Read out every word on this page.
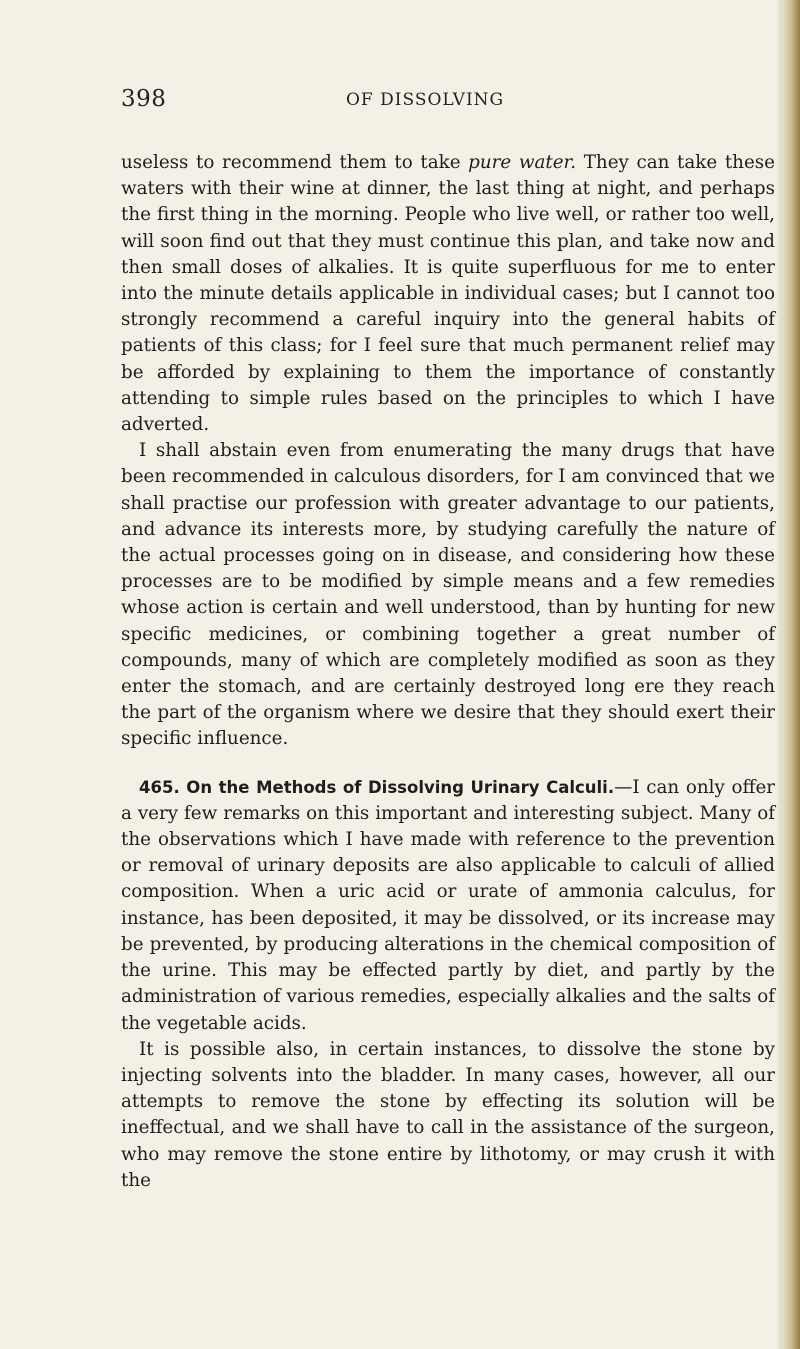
398	OF DISSOLVING

useless to recommend them to take pure water. They can take these waters with their wine at dinner, the last thing at night, and perhaps the first thing in the morning. People who live well, or rather too well, will soon find out that they must continue this plan, and take now and then small doses of alkalies. It is quite superfluous for me to enter into the minute details applicable in individual cases; but I cannot too strongly recommend a careful inquiry into the general habits of patients of this class; for I feel sure that much permanent relief may be afforded by explaining to them the importance of constantly attending to simple rules based on the principles to which I have adverted.

I shall abstain even from enumerating the many drugs that have been recommended in calculous disorders, for I am convinced that we shall practise our profession with greater advantage to our patients, and advance its interests more, by studying carefully the nature of the actual processes going on in disease, and considering how these processes are to be modified by simple means and a few remedies whose action is certain and well understood, than by hunting for new specific medicines, or combining together a great number of compounds, many of which are completely modified as soon as they enter the stomach, and are certainly destroyed long ere they reach the part of the organism where we desire that they should exert their specific influence.

465. On the Methods of Dissolving Urinary Calculi.—I can only offer a very few remarks on this important and interesting subject. Many of the observations which I have made with reference to the prevention or removal of urinary deposits are also applicable to calculi of allied composition. When a uric acid or urate of ammonia calculus, for instance, has been deposited, it may be dissolved, or its increase may be prevented, by producing alterations in the chemical composition of the urine. This may be effected partly by diet, and partly by the administration of various remedies, especially alkalies and the salts of the vegetable acids.

It is possible also, in certain instances, to dissolve the stone by injecting solvents into the bladder. In many cases, however, all our attempts to remove the stone by effecting its solution will be ineffectual, and we shall have to call in the assistance of the surgeon, who may remove the stone entire by lithotomy, or may crush it with the
